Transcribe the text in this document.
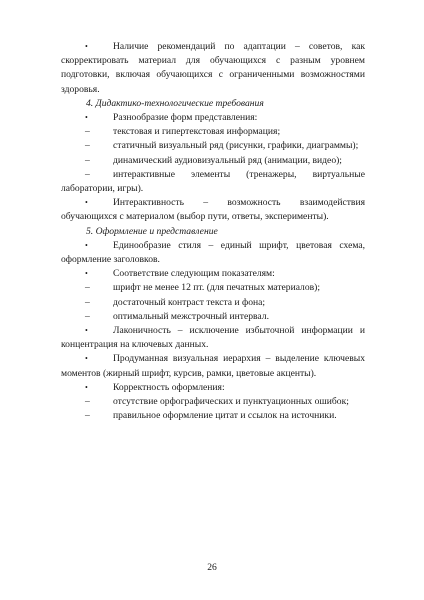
•	Наличие рекомендаций по адаптации – советов, как скорректировать материал для обучающихся с разным уровнем подготовки, включая обучающихся с ограниченными возможностями здоровья.

4. Дидактико-технологические требования

•	Разнообразие форм представления:

– текстовая и гипертекстовая информация;

– статичный визуальный ряд (рисунки, графики, диаграммы);

– динамический аудиовизуальный ряд (анимации, видео);

– интерактивные элементы (тренажеры, виртуальные лаборатории, игры).

•	Интерактивность – возможность взаимодействия обучающихся с материалом (выбор пути, ответы, эксперименты).

5. Оформление и представление

•	Единообразие стиля – единый шрифт, цветовая схема, оформление заголовков.

•	Соответствие следующим показателям:

– шрифт не менее 12 пт. (для печатных материалов);

– достаточный контраст текста и фона;

– оптимальный межстрочный интервал.

•	Лаконичность – исключение избыточной информации и концентрация на ключевых данных.

•	Продуманная визуальная иерархия – выделение ключевых моментов (жирный шрифт, курсив, рамки, цветовые акценты).

•	Корректность оформления:

– отсутствие орфографических и пунктуационных ошибок;

– правильное оформление цитат и ссылок на источники.

26
